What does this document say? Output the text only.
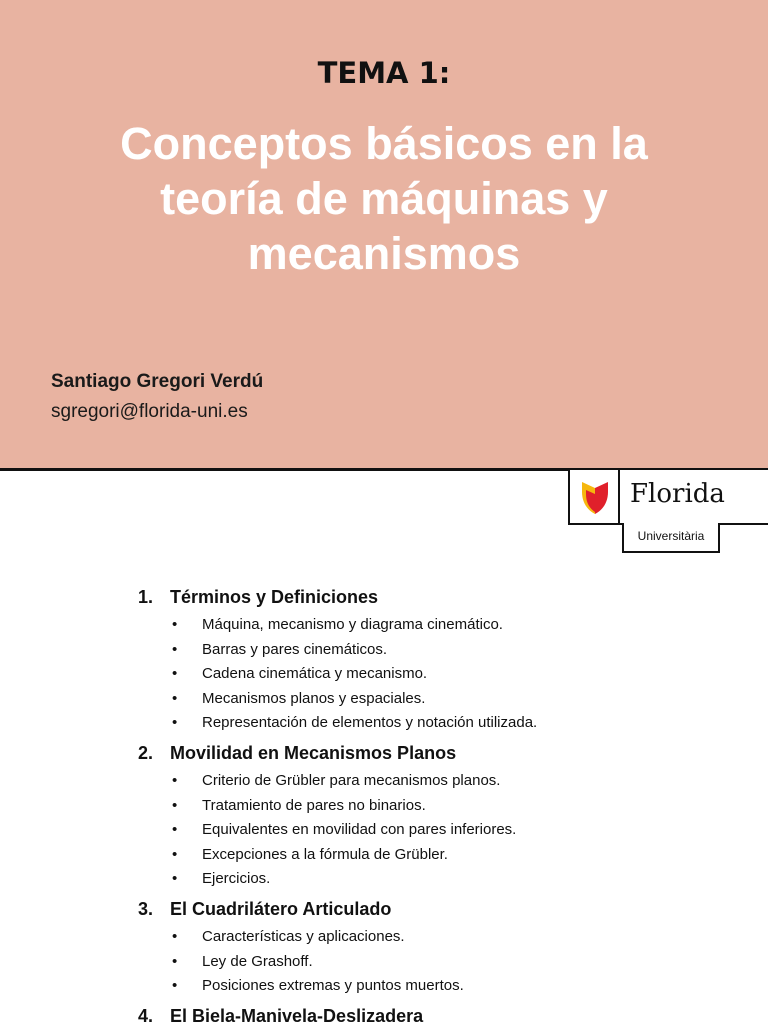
TEMA 1:
Conceptos básicos en la
teoría de máquinas y
mecanismos
Santiago Gregori Verdú
sgregori@florida-uni.es
Florida
Universitària
1. Términos y Definiciones
•	Máquina, mecanismo y diagrama cinemático.
•	Barras y pares cinemáticos.
•	Cadena cinemática y mecanismo.
•	Mecanismos planos y espaciales.
•	Representación de elementos y notación utilizada.
2. Movilidad en Mecanismos Planos
•	Criterio de Grübler para mecanismos planos.
•	Tratamiento de pares no binarios.
•	Equivalentes en movilidad con pares inferiores.
•	Excepciones a la fórmula de Grübler.
•	Ejercicios.
3. El Cuadrilátero Articulado
•	Características y aplicaciones.
•	Ley de Grashoff.
•	Posiciones extremas y puntos muertos.
4. El Biela-Manivela-Deslizadera
